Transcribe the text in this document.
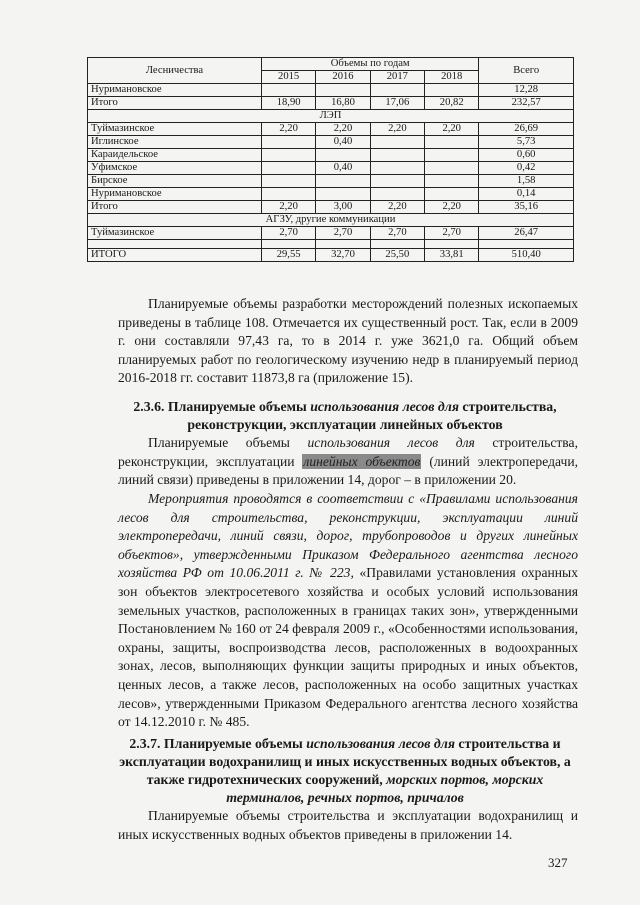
Лесничества	Объемы по годам				Всего
	2015	2016	2017	2018	
Нуримановское					12,28
Итого	18,90	16,80	17,06	20,82	232,57
ЛЭП					
Туймазинское	2,20	2,20	2,20	2,20	26,69
Иглинское		0,40			5,73
Караидельское					0,60
Уфимское		0,40			0,42
Бирское					1,58
Нуримановское					0,14
Итого	2,20	3,00	2,20	2,20	35,16
АГЗУ, другие коммуникации					
Туймазинское	2,70	2,70	2,70	2,70	26,47

ИТОГО	29,55	32,70	25,50	33,81	510,40
Планируемые объемы разработки месторождений полезных ископаемых приведены в таблице 108. Отмечается их существенный рост. Так, если в 2009 г. они составляли 97,43 га, то в 2014 г. уже 3621,0 га. Общий объем планируемых работ по геологическому изучению недр в планируемый период 2016-2018 гг. составит 11873,8 га (приложение 15).
2.3.6. Планируемые объемы использования лесов для строительства,
реконструкции, эксплуатации линейных объектов
Планируемые объемы использования лесов для строительства, реконструкции, эксплуатации линейных объектов (линий электропередачи, линий связи) приведены в приложении 14, дорог – в приложении 20.
Мероприятия проводятся в соответствии с «Правилами использования лесов для строительства, реконструкции, эксплуатации линий электропередачи, линий связи, дорог, трубопроводов и других линейных объектов», утвержденными Приказом Федерального агентства лесного хозяйства РФ от 10.06.2011 г. № 223, «Правилами установления охранных зон объектов электросетевого хозяйства и особых условий использования земельных участков, расположенных в границах таких зон», утвержденными Постановлением № 160 от 24 февраля 2009 г., «Особенностями использования, охраны, защиты, воспроизводства лесов, расположенных в водоохранных зонах, лесов, выполняющих функции защиты природных и иных объектов, ценных лесов, а также лесов, расположенных на особо защитных участках лесов», утвержденными Приказом Федерального агентства лесного хозяйства от 14.12.2010 г. № 485.
2.3.7. Планируемые объемы использования лесов для строительства и эксплуатации водохранилищ и иных искусственных водных объектов, а также гидротехнических сооружений, морских портов, морских терминалов, речных портов, причалов
Планируемые объемы строительства и эксплуатации водохранилищ и иных искусственных водных объектов приведены в приложении 14.
327
